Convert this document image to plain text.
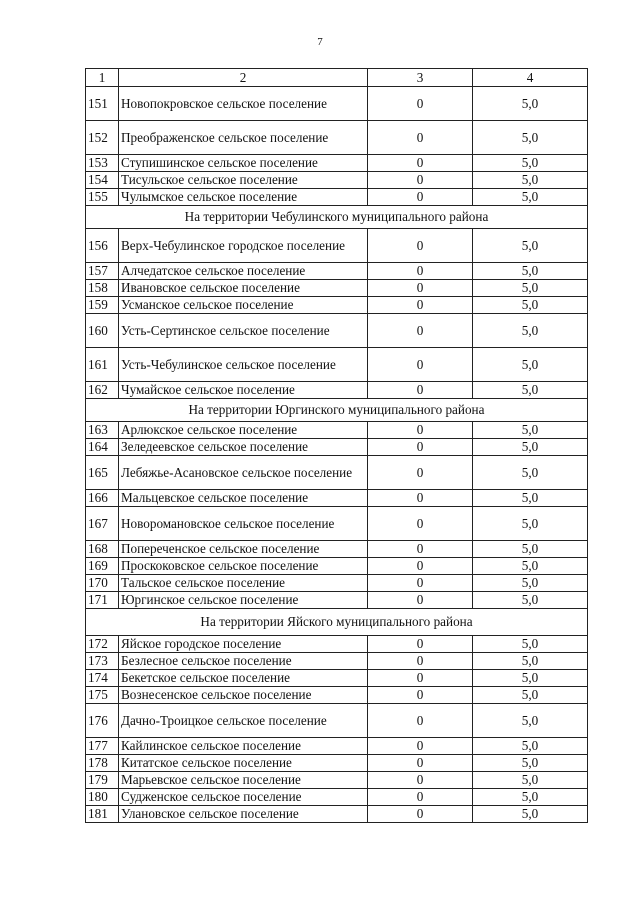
7
1	2	3	4
151	Новопокровское сельское поселение	0	5,0
152	Преображенское сельское поселение	0	5,0
153	Ступишинское сельское поселение	0	5,0
154	Тисульское сельское поселение	0	5,0
155	Чулымское сельское поселение	0	5,0
На территории Чебулинского муниципального района			
156	Верх-Чебулинское городское поселение	0	5,0
157	Алчедатское сельское поселение	0	5,0
158	Ивановское сельское поселение	0	5,0
159	Усманское сельское поселение	0	5,0
160	Усть-Сертинское сельское поселение	0	5,0
161	Усть-Чебулинское сельское поселение	0	5,0
162	Чумайское сельское поселение	0	5,0
На территории Юргинского муниципального района			
163	Арлюкское сельское поселение	0	5,0
164	Зеледеевское сельское поселение	0	5,0
165	Лебяжье-Асановское сельское поселение	0	5,0
166	Мальцевское сельское поселение	0	5,0
167	Новороманoвское сельское поселение	0	5,0
168	Поперечeнское сельское поселение	0	5,0
169	Проскоковское сельское поселение	0	5,0
170	Тальское сельское поселение	0	5,0
171	Юргинское сельское поселение	0	5,0
На территории Яйского муниципального района			
172	Яйское городское поселение	0	5,0
173	Безлесное сельское поселение	0	5,0
174	Бекетское сельское поселение	0	5,0
175	Вознесенское сельское поселение	0	5,0
176	Дачно-Троицкое сельское поселение	0	5,0
177	Кайлинское сельское поселение	0	5,0
178	Китатское сельское поселение	0	5,0
179	Марьевское сельское поселение	0	5,0
180	Судженское сельское поселение	0	5,0
181	Улановское сельское поселение	0	5,0
